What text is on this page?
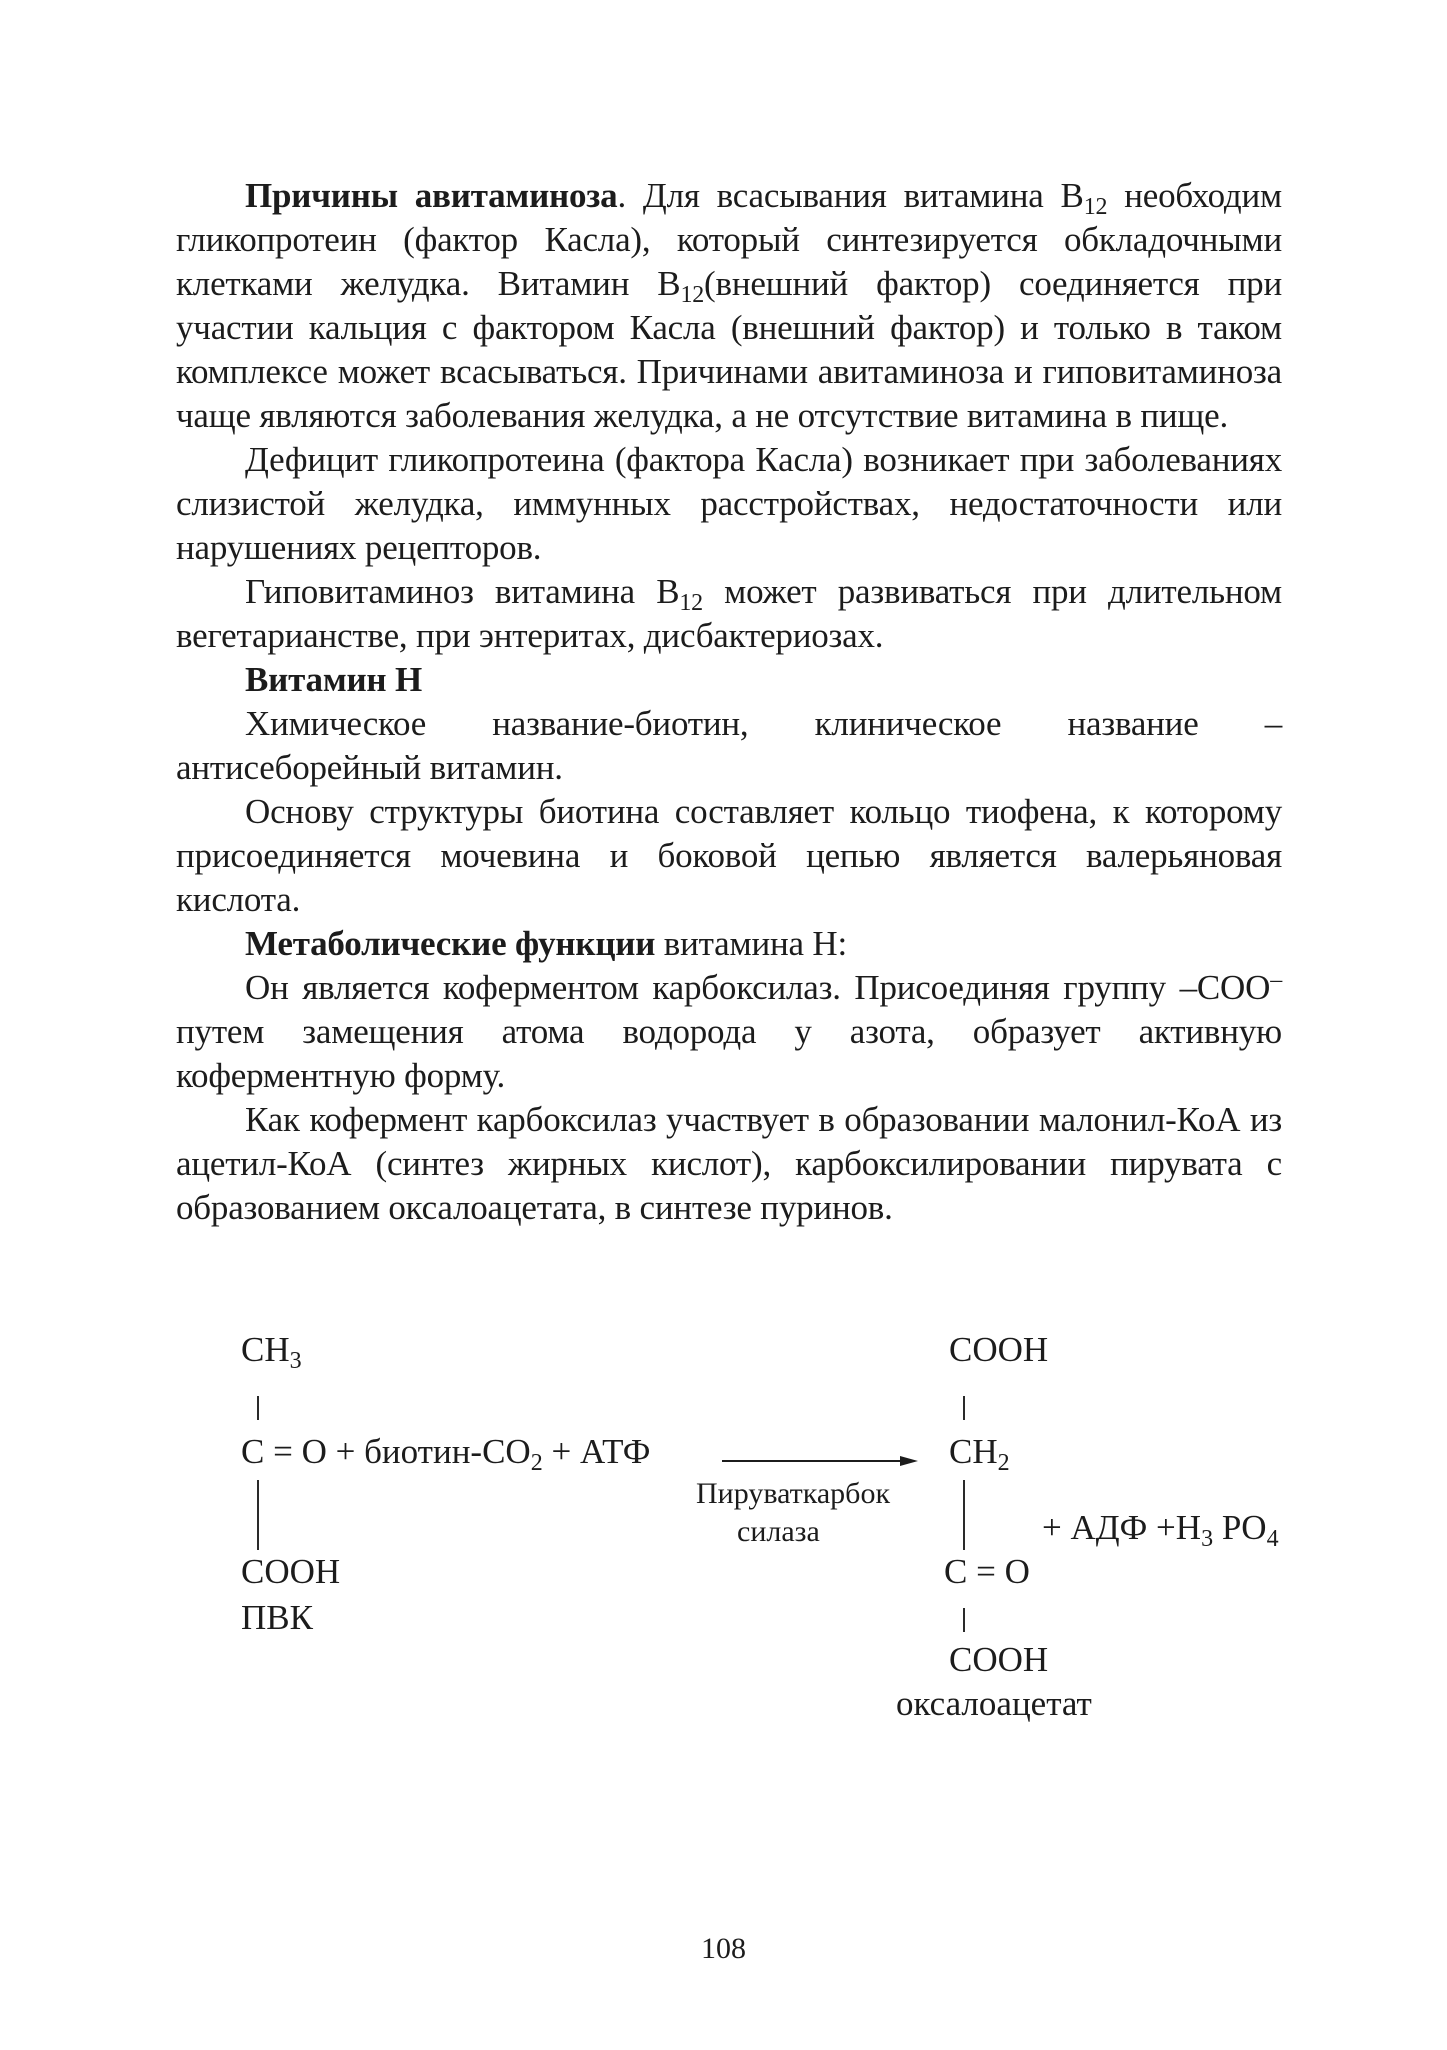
Причины авитаминоза. Для всасывания витамина $B_{12}$ необходим гликопротеин (фактор Касла), который синтезируется обкладочными клетками желудка. Витамин $B_{12}(внешний$ фактор) соединяется при участии кальция с фактором Касла (внешний фактор) и только в таком комплексе может всасываться. Причинами авитаминоза и гиповитаминоза чаще являются заболевания желудка, а не отсутствие витамина в пище.

Дефицит гликопротеина (фактора Касла) возникает при заболеваниях слизистой желудка, иммунных расстройствах, недостаточности или нарушениях рецепторов.

Гиповитаминоз витамина $B_{12}$ может развиваться при длительном вегетарианстве, при энтеритах, дисбактериозах.

Витамин Н

Химическое название-биотин, клиническое название – антисеборейный витамин.

Основу структуры биотина составляет кольцо тиофена, к которому присоединяется мочевина и боковой цепью является валерьяновая кислота.

Метаболические функции витамина Н:

Он является коферментом карбоксилаз. Присоединяя группу –COO– путем замещения атома водорода у азота, образует активную коферментную форму.

Как кофермент карбоксилаз участвует в образовании малонил-КоА из ацетил-КоА (синтез жирных кислот), карбоксилировании пирувата с образованием оксалоацетата, в синтезе пуринов.

$CH_3$

C = O + биотин-$CO_2$ + АТФ

COOH

ПВК

Пируваткарбок

силаза

COOH

$CH_2$

C = O

COOH

оксалоацетат

+ АДФ $+H_3$ $PO_4$

108
